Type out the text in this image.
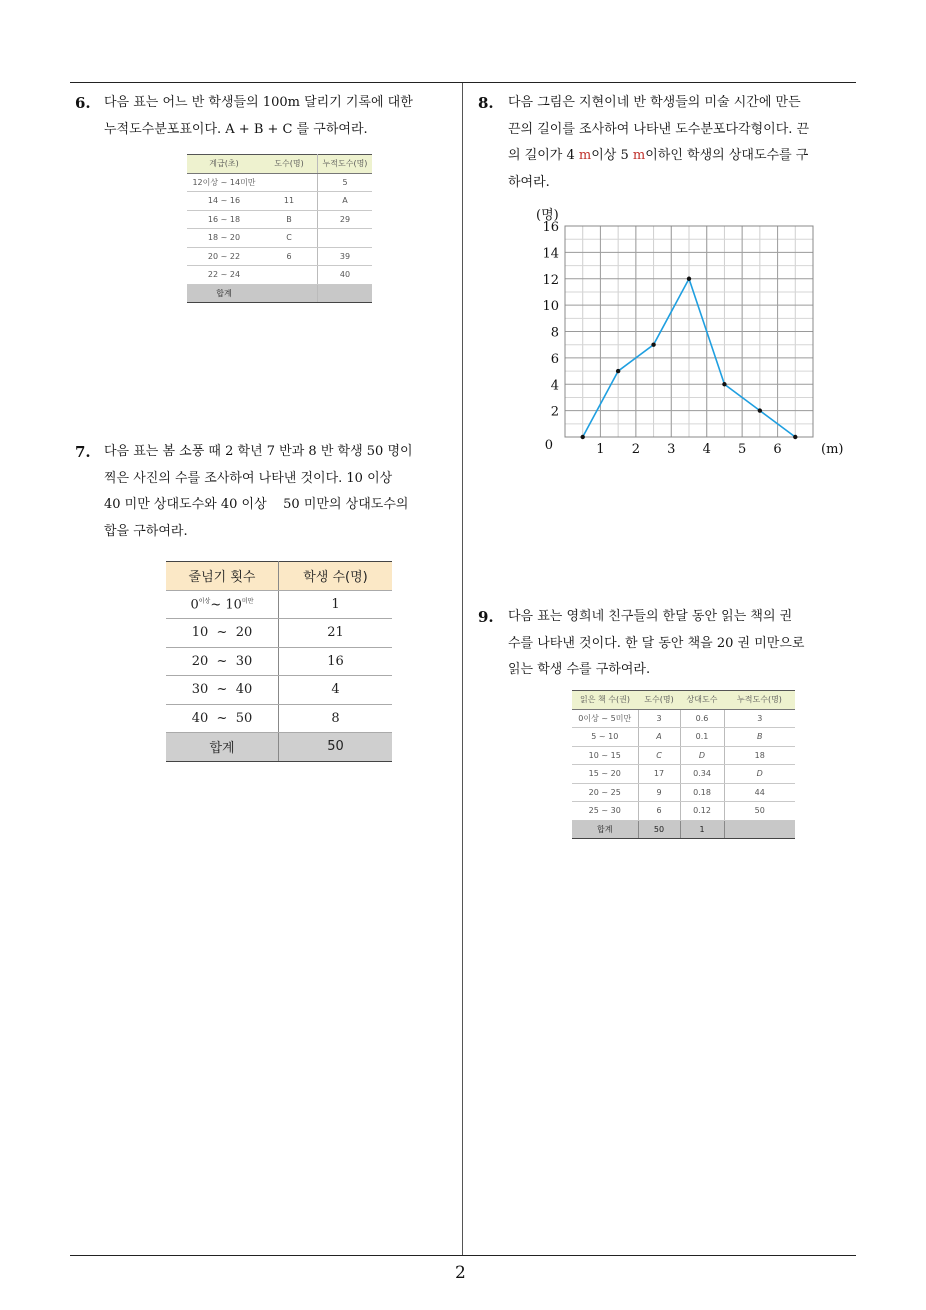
2
6. 다음 표는 어느 반 학생들의 100m 달리기 기록에 대한
누적도수분포표이다. A + B + C 를 구하여라.
계급(초)	도수(명)	누적도수(명)
12이상 ~ 14미만		5
14 ~ 16	11	A
16 ~ 18	B	29
18 ~ 20	C	
20 ~ 22	6	39
22 ~ 24		40
합계		
7. 다음 표는 봄 소풍 때 2 학년 7 반과 8 반 학생 50 명이
찍은 사진의 수를 조사하여 나타낸 것이다. 10 이상
40 미만 상대도수와 40 이상    50 미만의 상대도수의
합을 구하여라.
줄넘기 횟수	학생 수(명)
$0^{이상}\sim$ $10^{미만}$	1
10  ~  20	21
20  ~  30	16
30  ~  40	4
40  ~  50	8
합계	50
8. 다음 그림은 지현이네 반 학생들의 미술 시간에 만든
끈의 길이를 조사하여 나타낸 도수분포다각형이다. 끈
의 길이가 4 m이상 5 m이하인 학생의 상대도수를 구
하여라.
(명)
(m)
0
2
4
6
8
10
12
14
16
1 2 3 4 5 6
9. 다음 표는 영희네 친구들의 한달 동안 읽는 책의 권
수를 나타낸 것이다. 한 달 동안 책을 20 권 미만으로
읽는 학생 수를 구하여라.
읽은 책 수(권)	도수(명)	상대도수	누적도수(명)
0이상 ~ 5미만	3	0.6	3
5 ~ 10	A	0.1	B
10 ~ 15	C	D	18
15 ~ 20	17	0.34	D
20 ~ 25	9	0.18	44
25 ~ 30	6	0.12	50
합계	50	1	
